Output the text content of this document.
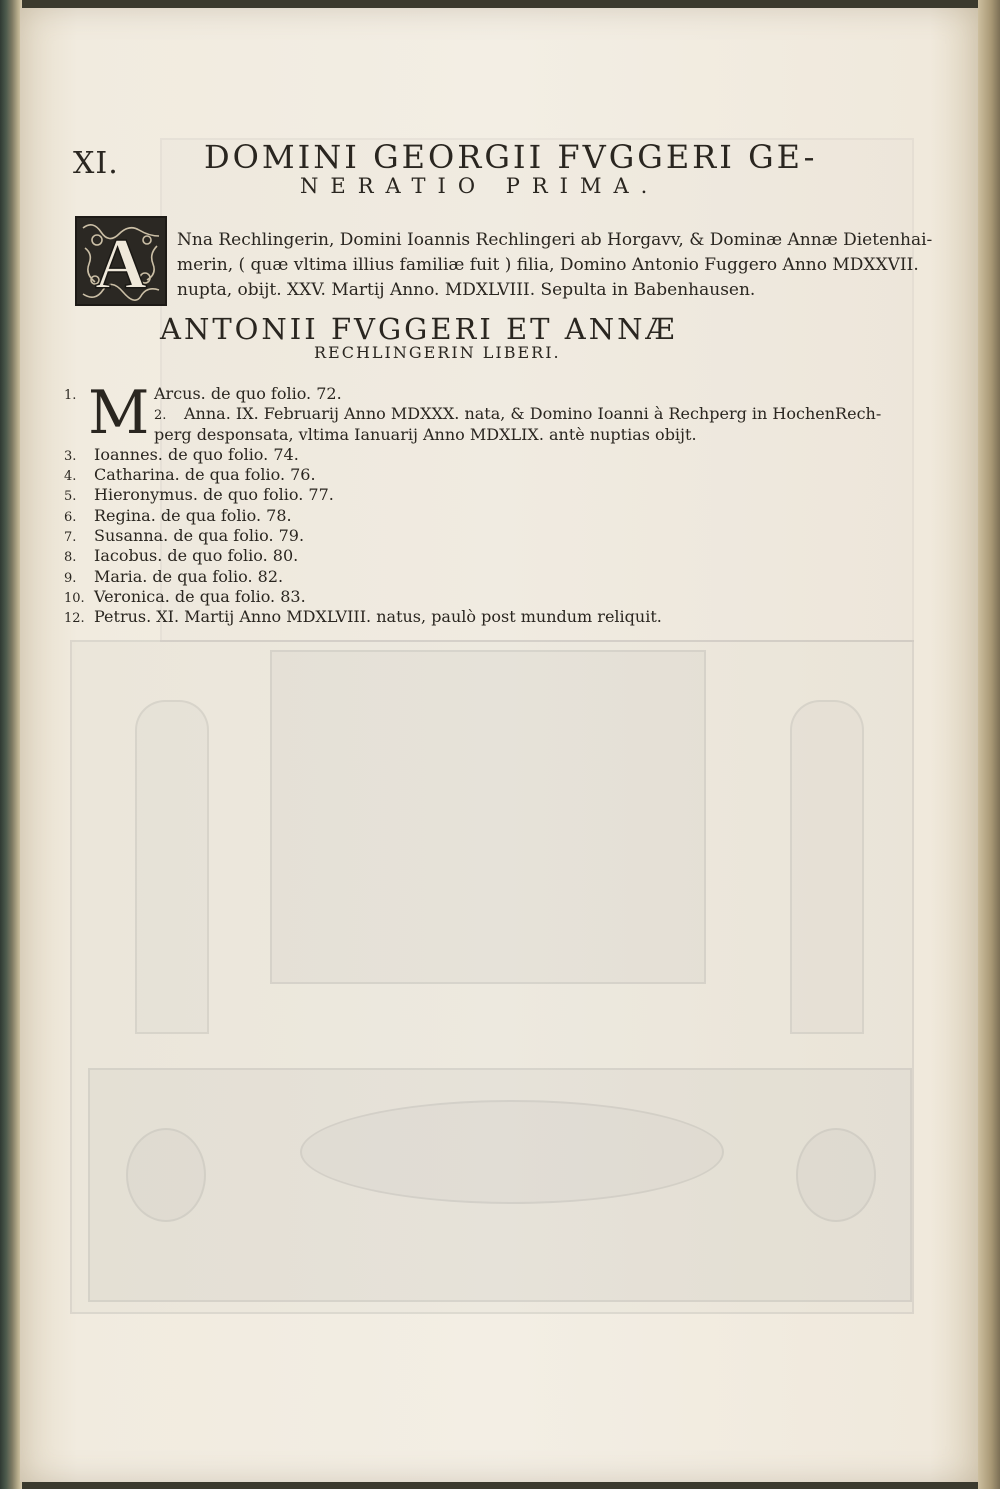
XI.	DOMINI GEORGII FVGGERI GE-
NERATIO PRIMA.
A Nna Rechlingerin, Domini Ioannis Rechlingeri ab Horgavv, & Dominæ Annæ Dietenhai-
merin, ( quæ vltima illius familiæ fuit ) filia, Domino Antonio Fuggero Anno MDXXVII.
nupta, obijt. XXV. Martij Anno. MDXLVIII. Sepulta in Babenhausen.
ANTONII FVGGERI ET ANNÆ
RECHLINGERIN LIBERI.
M
1.	Arcus. de quo folio. 72.
2. Anna. IX. Februarij Anno MDXXX. nata, & Domino Ioanni à Rechperg in HochenRech-
perg desponsata, vltima Ianuarij Anno MDXLIX. antè nuptias obijt.
3. Ioannes. de quo folio. 74.
4. Catharina. de qua folio. 76.
5. Hieronymus. de quo folio. 77.
6. Regina. de qua folio. 78.
7. Susanna. de qua folio. 79.
8. Iacobus. de quo folio. 80.
9. Maria. de qua folio. 82.
10. Veronica. de qua folio. 83.
12. Petrus. XI. Martij Anno MDXLVIII. natus, paulò post mundum reliquit.
